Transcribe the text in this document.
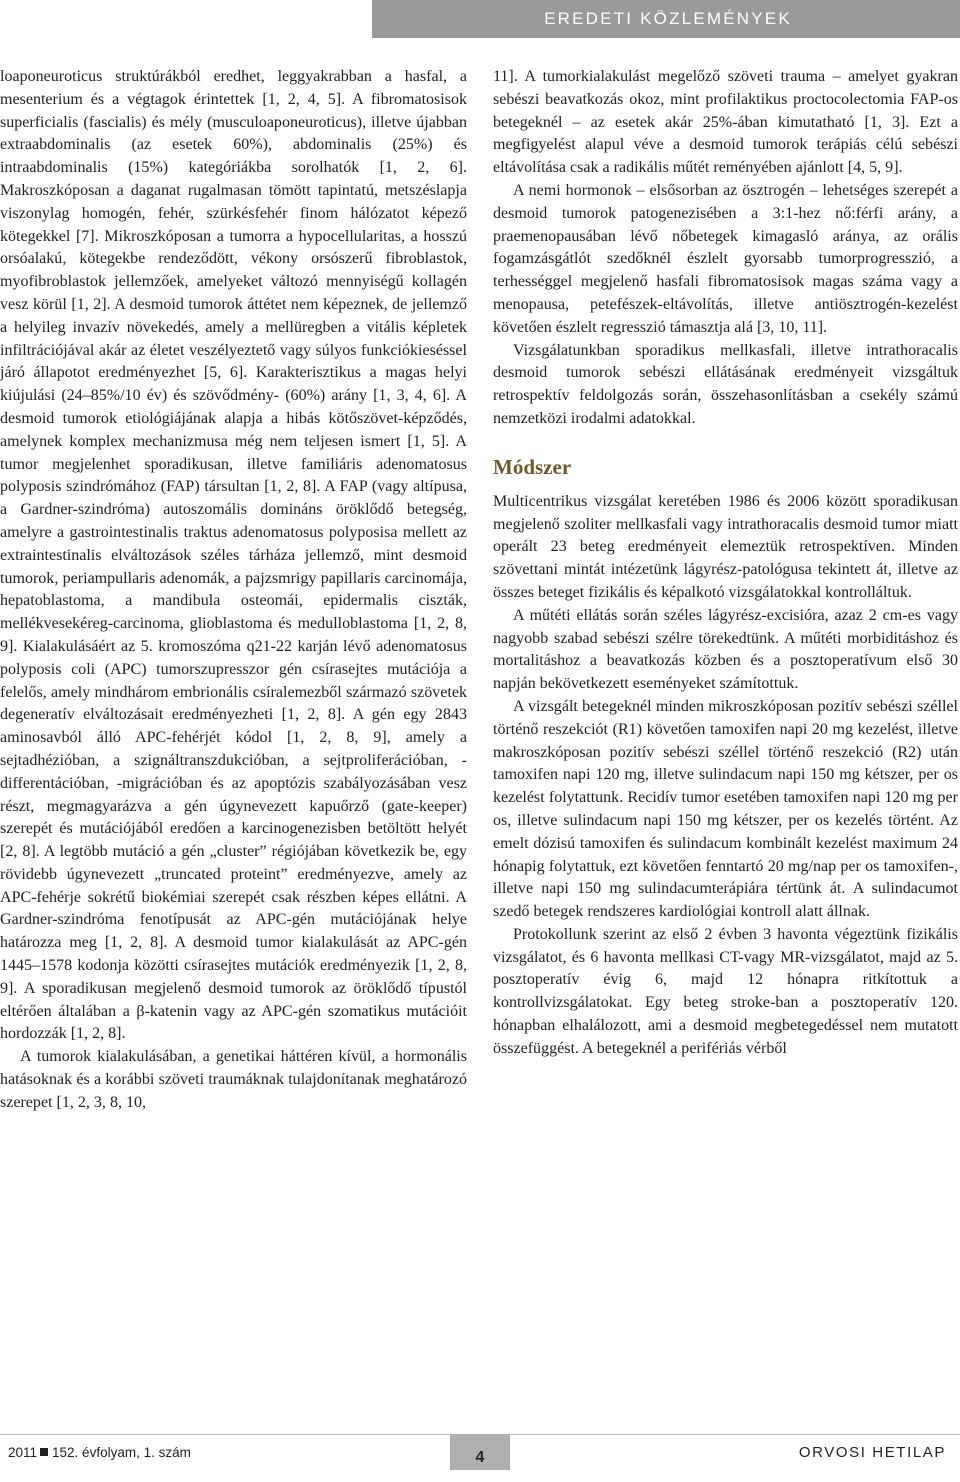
EREDETI KÖZLEMÉNYEK

loaponeuroticus struktúrákból eredhet, leggyakrabban a hasfal, a mesenterium és a végtagok érintettek [1, 2, 4, 5]. A fibromatosisok superficialis (fascialis) és mély (musculoaponeuroticus), illetve újabban extraabdominalis (az esetek 60%), abdominalis (25%) és intraabdominalis (15%) kategóriákba sorolhatók [1, 2, 6]. Makroszkóposan a daganat rugalmasan tömött tapintatú, metszéslapja viszonylag homogén, fehér, szürkésfehér finom hálózatot képező kötegekkel [7]. Mikroszkóposan a tumorra a hypocellularitas, a hosszú orsóalakú, kötegekbe rendeződött, vékony orsószerű fibroblastok, myofibroblastok jellemzőek, amelyeket változó mennyiségű kollagén vesz körül [1, 2]. A desmoid tumorok áttétet nem képeznek, de jellemző a helyileg invazív növekedés, amely a mellüregben a vitális képletek infiltrációjával akár az életet veszélyeztető vagy súlyos funkciókieséssel járó állapotot eredményezhet [5, 6]. Karakterisztikus a magas helyi kiújulási (24–85%/10 év) és szövődmény- (60%) arány [1, 3, 4, 6]. A desmoid tumorok etiológiájának alapja a hibás kötőszövet-képződés, amelynek komplex mechanizmusa még nem teljesen ismert [1, 5]. A tumor megjelenhet sporadikusan, illetve familiáris adenomatosus polyposis szindrómához (FAP) társultan [1, 2, 8]. A FAP (vagy altípusa, a Gardner-szindróma) autoszomális domináns öröklődő betegség, amelyre a gastrointestinalis traktus adenomatosus polyposisa mellett az extraintestinalis elváltozások széles tárháza jellemző, mint desmoid tumorok, periampullaris adenomák, a pajzsmrigy papillaris carcinomája, hepatoblastoma, a mandibula osteomái, epidermalis ciszták, mellékvesekéreg-carcinoma, glioblastoma és medulloblastoma [1, 2, 8, 9]. Kialakulásáért az 5. kromoszóma q21-22 karján lévő adenomatosus polyposis coli (APC) tumorszupresszor gén csírasejtes mutációja a felelős, amely mindhárom embrionális csíralemezből származó szövetek degeneratív elváltozásait eredményezheti [1, 2, 8]. A gén egy 2843 aminosavból álló APC-fehérjét kódol [1, 2, 8, 9], amely a sejtadhézióban, a szignáltranszdukcióban, a sejtproliferációban, -differentációban, -migrációban és az apoptózis szabályozásában vesz részt, megmagyarázva a gén úgynevezett kapuőrző (gate-keeper) szerepét és mutációjából eredően a karcinogenezisben betöltött helyét [2, 8]. A legtöbb mutáció a gén „cluster” régiójában következik be, egy rövidebb úgynevezett „truncated proteint” eredményezve, amely az APC-fehérje sokrétű biokémiai szerepét csak részben képes ellátni. A Gardner-szindróma fenotípusát az APC-gén mutációjának helye határozza meg [1, 2, 8]. A desmoid tumor kialakulását az APC-gén 1445–1578 kodonja közötti csírasejtes mutációk eredményezik [1, 2, 8, 9]. A sporadikusan megjelenő desmoid tumorok az öröklődő típustól eltérően általában a β-katenin vagy az APC-gén szomatikus mutációit hordozzák [1, 2, 8].

A tumorok kialakulásában, a genetikai háttéren kívül, a hormonális hatásoknak és a korábbi szöveti traumáknak tulajdonítanak meghatározó szerepet [1, 2, 3, 8, 10,

11]. A tumorkialakulást megelőző szöveti trauma – amelyet gyakran sebészi beavatkozás okoz, mint profilaktikus proctocolectomia FAP-os betegeknél – az esetek akár 25%-ában kimutatható [1, 3]. Ezt a megfigyelést alapul véve a desmoid tumorok terápiás célú sebészi eltávolítása csak a radikális műtét reményében ajánlott [4, 5, 9].

A nemi hormonok – elsősorban az ösztrogén – lehetséges szerepét a desmoid tumorok patogenezisében a 3:1-hez nő:férfi arány, a praemenopausában lévő nőbetegek kimagasló aránya, az orális fogamzásgátlót szedőknél észlelt gyorsabb tumorprogresszió, a terhességgel megjelenő hasfali fibromatosisok magas száma vagy a menopausa, petefészek-eltávolítás, illetve antiösztrogén-kezelést követően észlelt regresszió támasztja alá [3, 10, 11].

Vizsgálatunkban sporadikus mellkasfali, illetve intrathoracalis desmoid tumorok sebészi ellátásának eredményeit vizsgáltuk retrospektív feldolgozás során, összehasonlításban a csekély számú nemzetközi irodalmi adatokkal.

Módszer

Multicentrikus vizsgálat keretében 1986 és 2006 között sporadikusan megjelenő szoliter mellkasfali vagy intrathoracalis desmoid tumor miatt operált 23 beteg eredményeit elemeztük retrospektíven. Minden szövettani mintát intézetünk lágyrész-patológusa tekintett át, illetve az összes beteget fizikális és képalkotó vizsgálatokkal kontrolláltuk.

A műtéti ellátás során széles lágyrész-excisióra, azaz 2 cm-es vagy nagyobb szabad sebészi szélre törekedtünk. A műtéti morbiditáshoz és mortalitáshoz a beavatkozás közben és a posztoperatívum első 30 napján bekövetkezett eseményeket számítottuk.

A vizsgált betegeknél minden mikroszkóposan pozitív sebészi széllel történő reszekciót (R1) követően tamoxifen napi 20 mg kezelést, illetve makroszkóposan pozitív sebészi széllel történő reszekció (R2) után tamoxifen napi 120 mg, illetve sulindacum napi 150 mg kétszer, per os kezelést folytattunk. Recidív tumor esetében tamoxifen napi 120 mg per os, illetve sulindacum napi 150 mg kétszer, per os kezelés történt. Az emelt dózisú tamoxifen és sulindacum kombinált kezelést maximum 24 hónapig folytattuk, ezt követően fenntartó 20 mg/nap per os tamoxifen-, illetve napi 150 mg sulindacumterápiára tértünk át. A sulindacumot szedő betegek rendszeres kardiológiai kontroll alatt állnak.

Protokollunk szerint az első 2 évben 3 havonta végeztünk fizikális vizsgálatot, és 6 havonta mellkasi CT-vagy MR-vizsgálatot, majd az 5. posztoperatív évig 6, majd 12 hónapra ritkítottuk a kontrollvizsgálatokat. Egy beteg stroke-ban a posztoperatív 120. hónapban elhalálozott, ami a desmoid megbetegedéssel nem mutatott összefüggést. A betegeknél a perifériás vérből

2011 152. évfolyam, 1. szám	4	ORVOSI HETILAP
